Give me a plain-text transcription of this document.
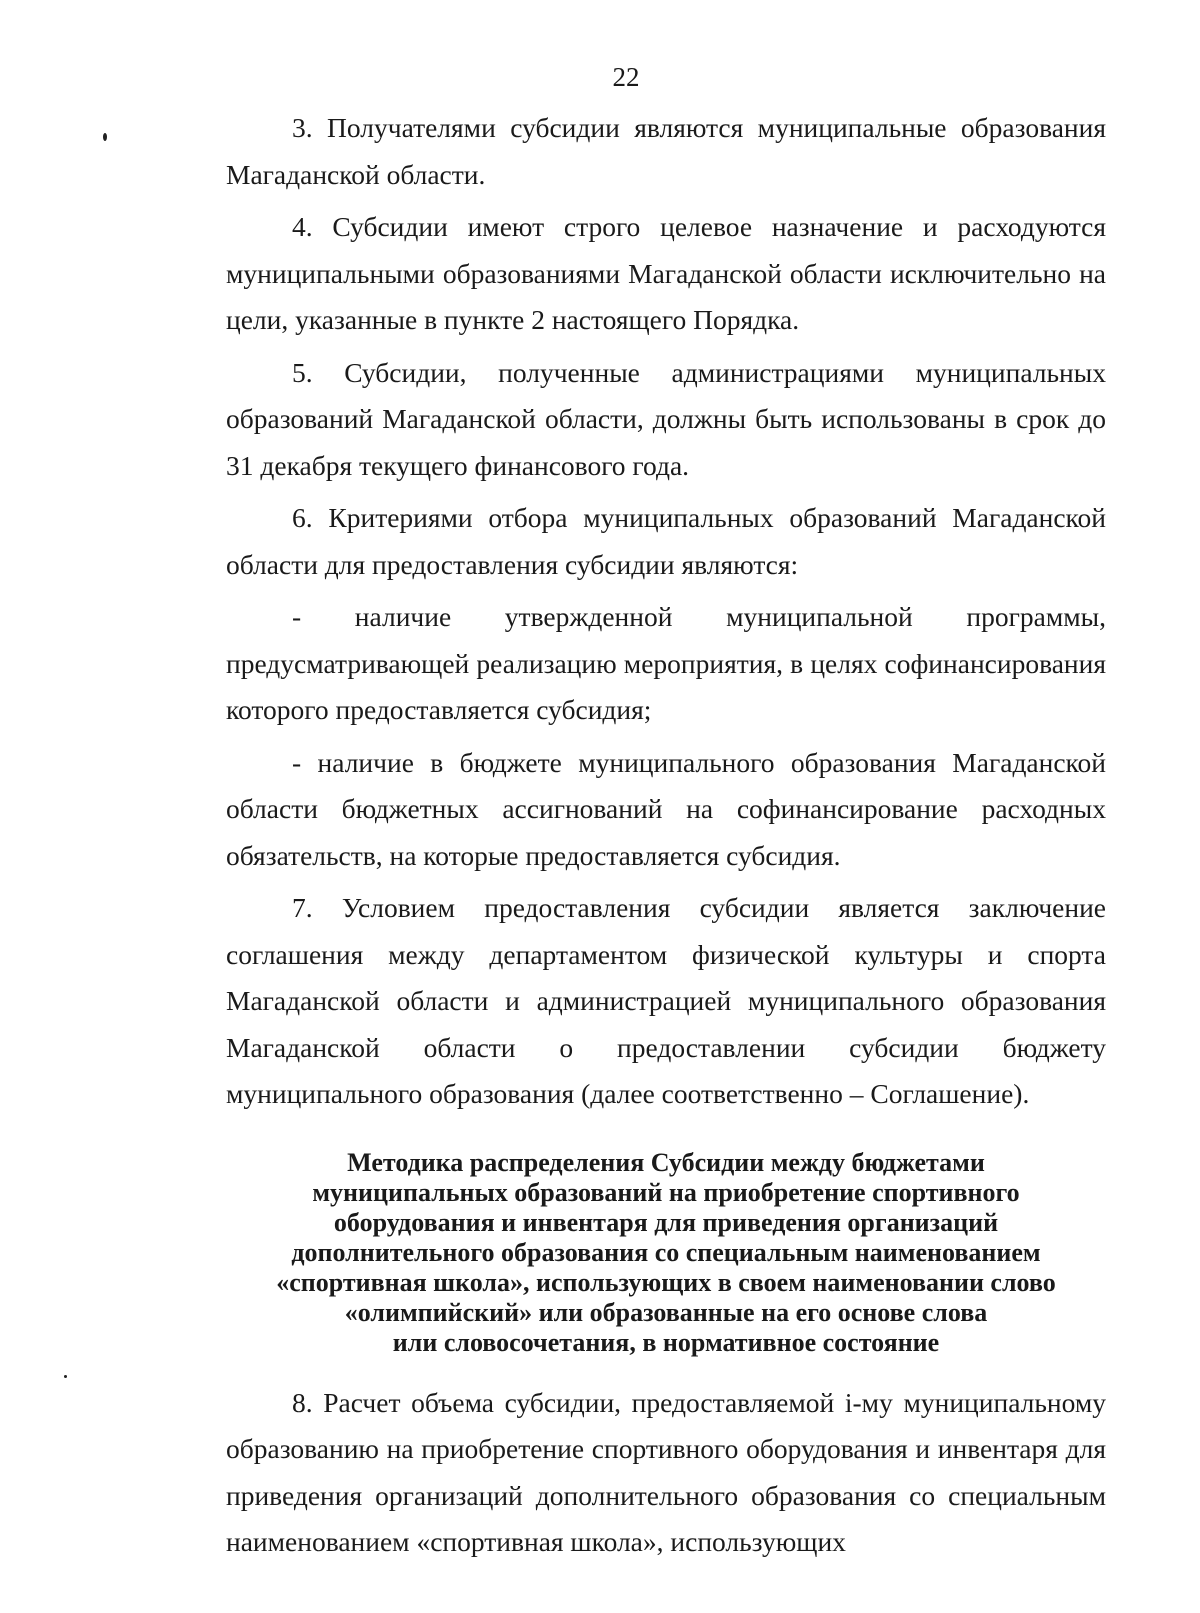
22

3. Получателями субсидии являются муниципальные образования Магаданской области.

4. Субсидии имеют строго целевое назначение и расходуются муниципальными образованиями Магаданской области исключительно на цели, указанные в пункте 2 настоящего Порядка.

5. Субсидии, полученные администрациями муниципальных образований Магаданской области, должны быть использованы в срок до 31 декабря текущего финансового года.

6. Критериями отбора муниципальных образований Магаданской области для предоставления субсидии являются:

- наличие утвержденной муниципальной программы, предусматривающей реализацию мероприятия, в целях софинансирования которого предоставляется субсидия;

- наличие в бюджете муниципального образования Магаданской области бюджетных ассигнований на софинансирование расходных обязательств, на которые предоставляется субсидия.

7. Условием предоставления субсидии является заключение соглашения между департаментом физической культуры и спорта Магаданской области и администрацией муниципального образования Магаданской области о предоставлении субсидии бюджету муниципального образования (далее соответственно – Соглашение).

Методика распределения Субсидии между бюджетами
муниципальных образований на приобретение спортивного
оборудования и инвентаря для приведения организаций
дополнительного образования со специальным наименованием
«спортивная школа», использующих в своем наименовании слово
«олимпийский» или образованные на его основе слова
или словосочетания, в нормативное состояние

8. Расчет объема субсидии, предоставляемой i-му муниципальному образованию на приобретение спортивного оборудования и инвентаря для приведения организаций дополнительного образования со специальным наименованием «спортивная школа», использующих
